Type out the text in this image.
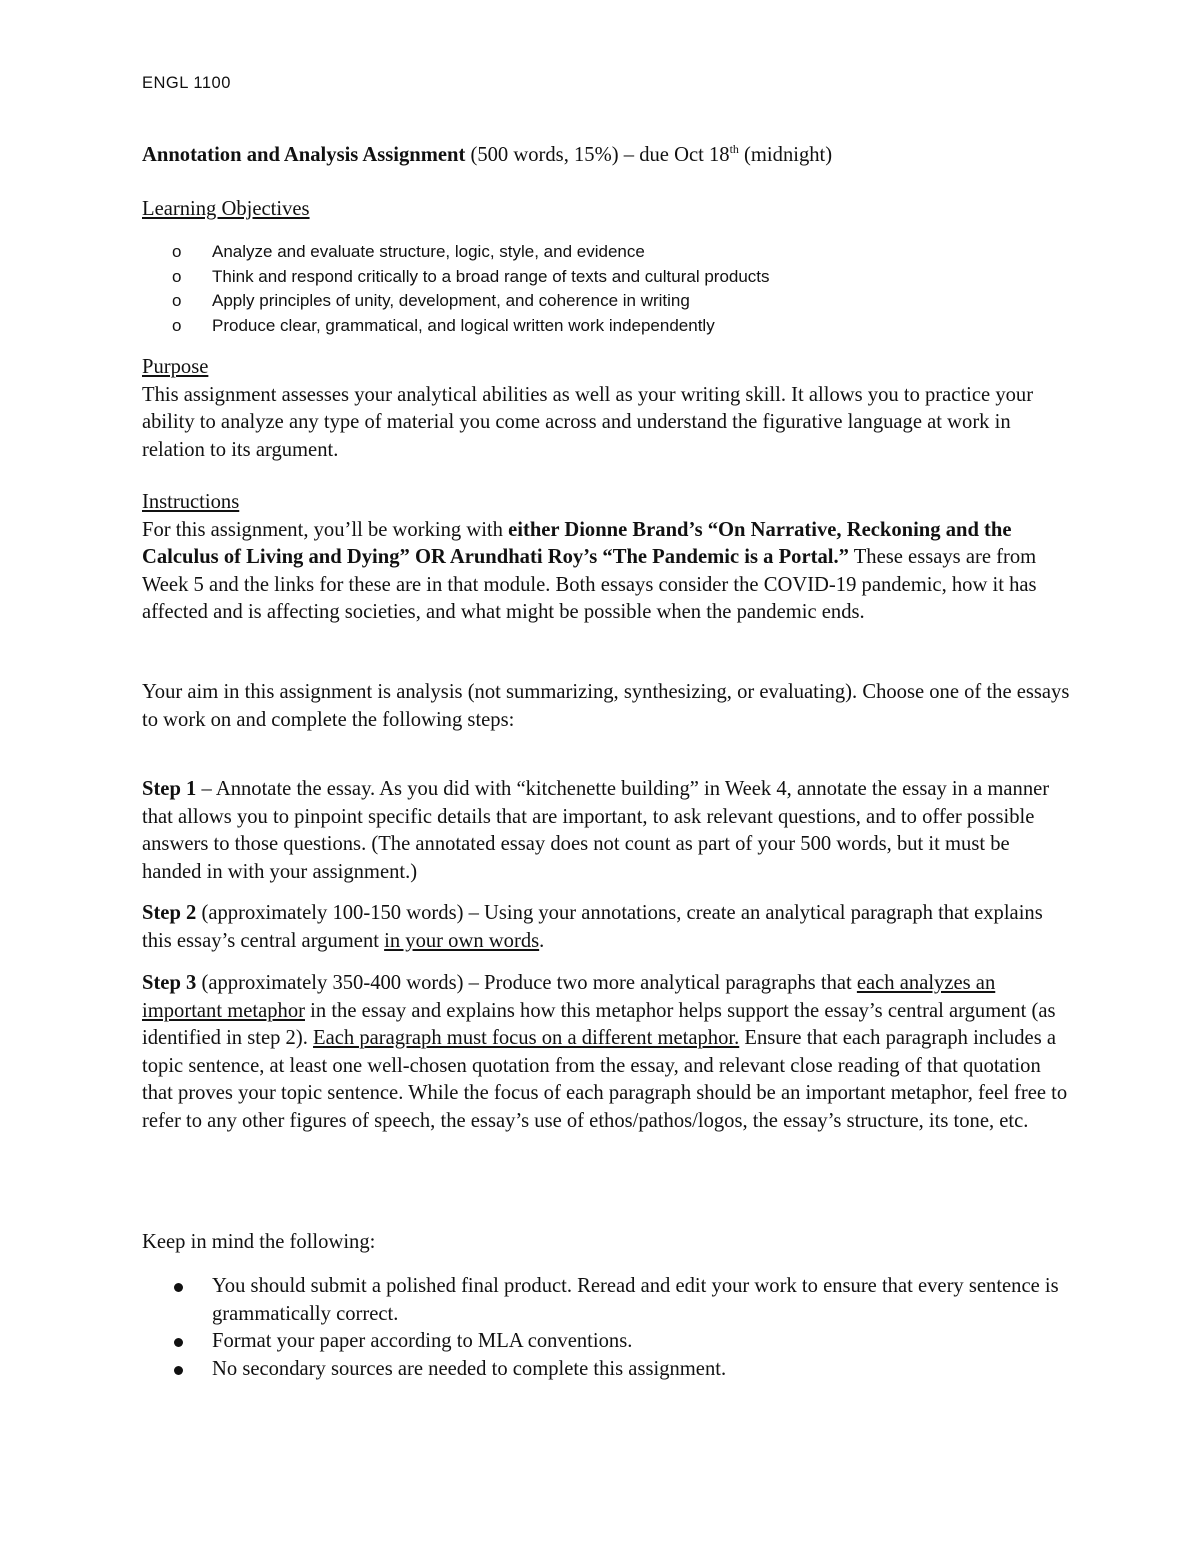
ENGL 1100
Annotation and Analysis Assignment (500 words, 15%) – due Oct 18th (midnight)
Learning Objectives
o Analyze and evaluate structure, logic, style, and evidence
o Think and respond critically to a broad range of texts and cultural products
o Apply principles of unity, development, and coherence in writing
o Produce clear, grammatical, and logical written work independently
Purpose

This assignment assesses your analytical abilities as well as your writing skill. It allows you to practice your ability to analyze any type of material you come across and understand the figurative language at work in relation to its argument.

Instructions

For this assignment, you’ll be working with either Dionne Brand’s “On Narrative, Reckoning and the Calculus of Living and Dying” OR Arundhati Roy’s “The Pandemic is a Portal.” These essays are from Week 5 and the links for these are in that module. Both essays consider the COVID-19 pandemic, how it has affected and is affecting societies, and what might be possible when the pandemic ends.

Your aim in this assignment is analysis (not summarizing, synthesizing, or evaluating). Choose one of the essays to work on and complete the following steps:
Step 1 – Annotate the essay. As you did with “kitchenette building” in Week 4, annotate the essay in a manner that allows you to pinpoint specific details that are important, to ask relevant questions, and to offer possible answers to those questions. (The annotated essay does not count as part of your 500 words, but it must be handed in with your assignment.)
Step 2 (approximately 100-150 words) – Using your annotations, create an analytical paragraph that explains this essay’s central argument in your own words.
Step 3 (approximately 350-400 words) – Produce two more analytical paragraphs that each analyzes an important metaphor in the essay and explains how this metaphor helps support the essay’s central argument (as identified in step 2). Each paragraph must focus on a different metaphor. Ensure that each paragraph includes a topic sentence, at least one well-chosen quotation from the essay, and relevant close reading of that quotation that proves your topic sentence. While the focus of each paragraph should be an important metaphor, feel free to refer to any other figures of speech, the essay’s use of ethos/pathos/logos, the essay’s structure, its tone, etc.
Keep in mind the following:
You should submit a polished final product. Reread and edit your work to ensure that every sentence is grammatically correct.
Format your paper according to MLA conventions.
No secondary sources are needed to complete this assignment.
